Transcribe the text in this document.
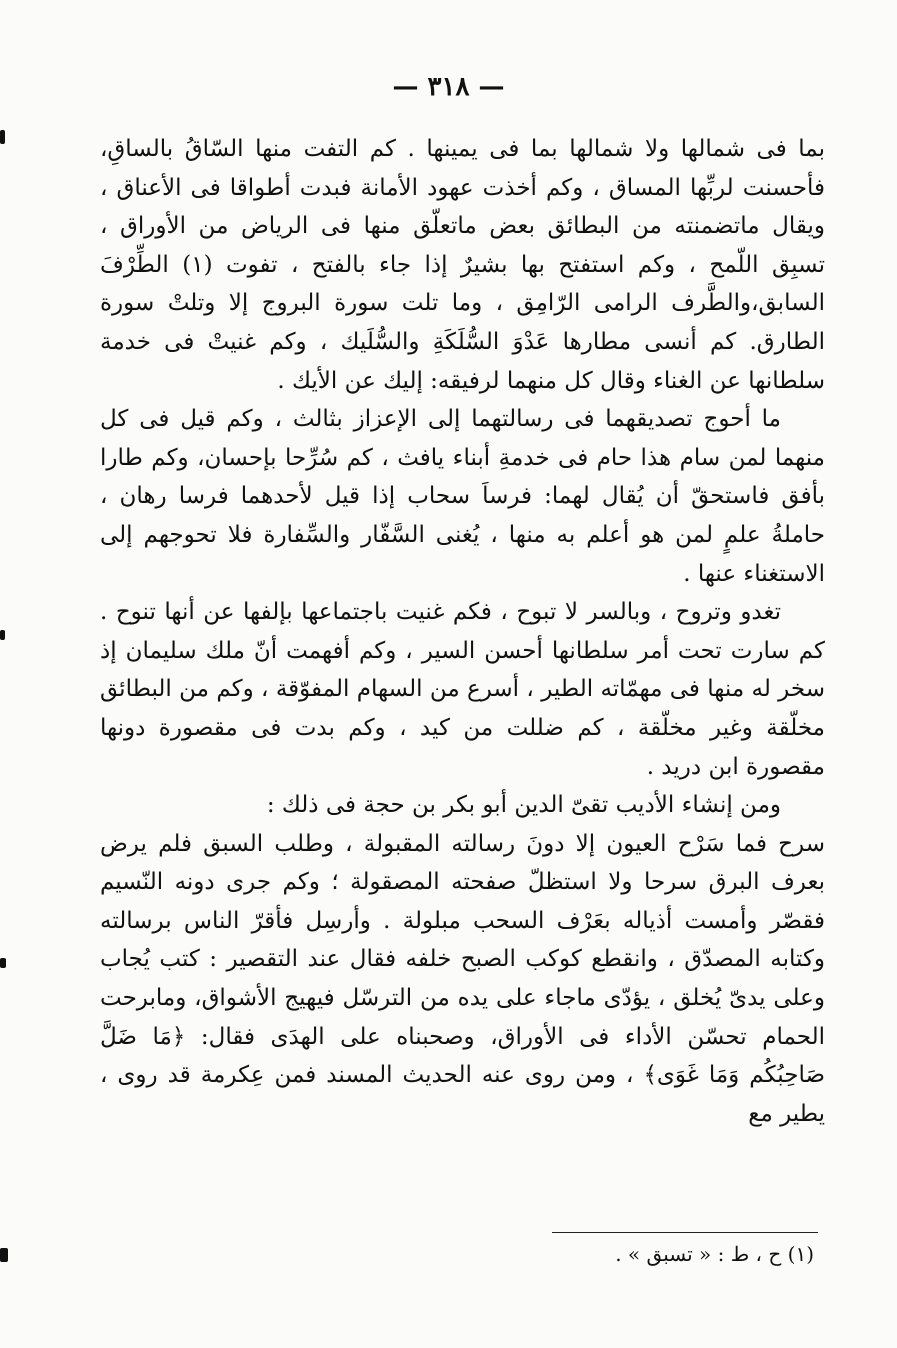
— ٣١٨ —

بما فى شمالها ولا شمالها بما فى يمينها . كم التفت منها السّاقُ بالساقِ، فأحسنت لربِّها المساق ، وكم أخذت عهود الأمانة فبدت أطواقا فى الأعناق ، ويقال ماتضمنته من البطائق بعض ماتعلّق منها فى الرياض من الأوراق ، تسبِق اللّمح ، وكم استفتح بها بشيرٌ إذا جاء بالفتح ، تفوت (١) الطِّرْفَ السابق،والطَّرف الرامى الرّامِق ، وما تلت سورة البروج إلا وتلتْ سورة الطارق. كم أنسى مطارها عَدْوَ السُّلَكَةِ والسُّلَيك ، وكم غنيتْ فى خدمة سلطانها عن الغناء وقال كل منهما لرفيقه: إليك عن الأيك .

ما أحوج تصديقهما فى رسالتهما إلى الإعزاز بثالث ، وكم قيل فى كل منهما لمن سام هذا حام فى خدمةِ أبناء يافث ، كم سُرِّحا بإحسان، وكم طارا بأفق فاستحقّ أن يُقال لهما: فرساَ سحاب إذا قيل لأحدهما فرسا رهان ، حاملةُ علمٍ لمن هو أعلم به منها ، يُغنى السَّفّار والسِّفارة فلا تحوجهم إلى الاستغناء عنها .

تغدو وتروح ، وبالسر لا تبوح ، فكم غنيت باجتماعها بإلفها عن أنها تنوح . كم سارت تحت أمر سلطانها أحسن السير ، وكم أفهمت أنّ ملك سليمان إذ سخر له منها فى مهمّاته الطير ، أسرع من السهام المفوّقة ، وكم من البطائق مخلّقة وغير مخلّقة ، كم ضللت من كيد ، وكم بدت فى مقصورة دونها مقصورة ابن دريد .

ومن إنشاء الأديب تقىّ الدين أبو بكر بن حجة فى ذلك :

سرح فما سَرْح العيون إلا دونَ رسالته المقبولة ، وطلب السبق فلم يرض بعرف البرق سرحا ولا استظلّ صفحته المصقولة ؛ وكم جرى دونه النّسيم فقصّر وأمست أذياله بعَرْف السحب مبلولة . وأرسِل فأقرّ الناس برسالته وكتابه المصدّق ، وانقطع كوكب الصبح خلفه فقال عند التقصير : كتب يُجاب وعلى يدىّ يُخلق ، يؤدّى ماجاء على يده من الترسّل فيهيج الأشواق، ومابرحت الحمام تحسّن الأداء فى الأوراق، وصحبناه على الهدَى فقال: ﴿مَا ضَلَّ صَاحِبُكُم وَمَا غَوَى﴾ ، ومن روى عنه الحديث المسند فمن عِكرمة قد روى ، يطير مع

(١) ح ، ط : « تسبق » .
